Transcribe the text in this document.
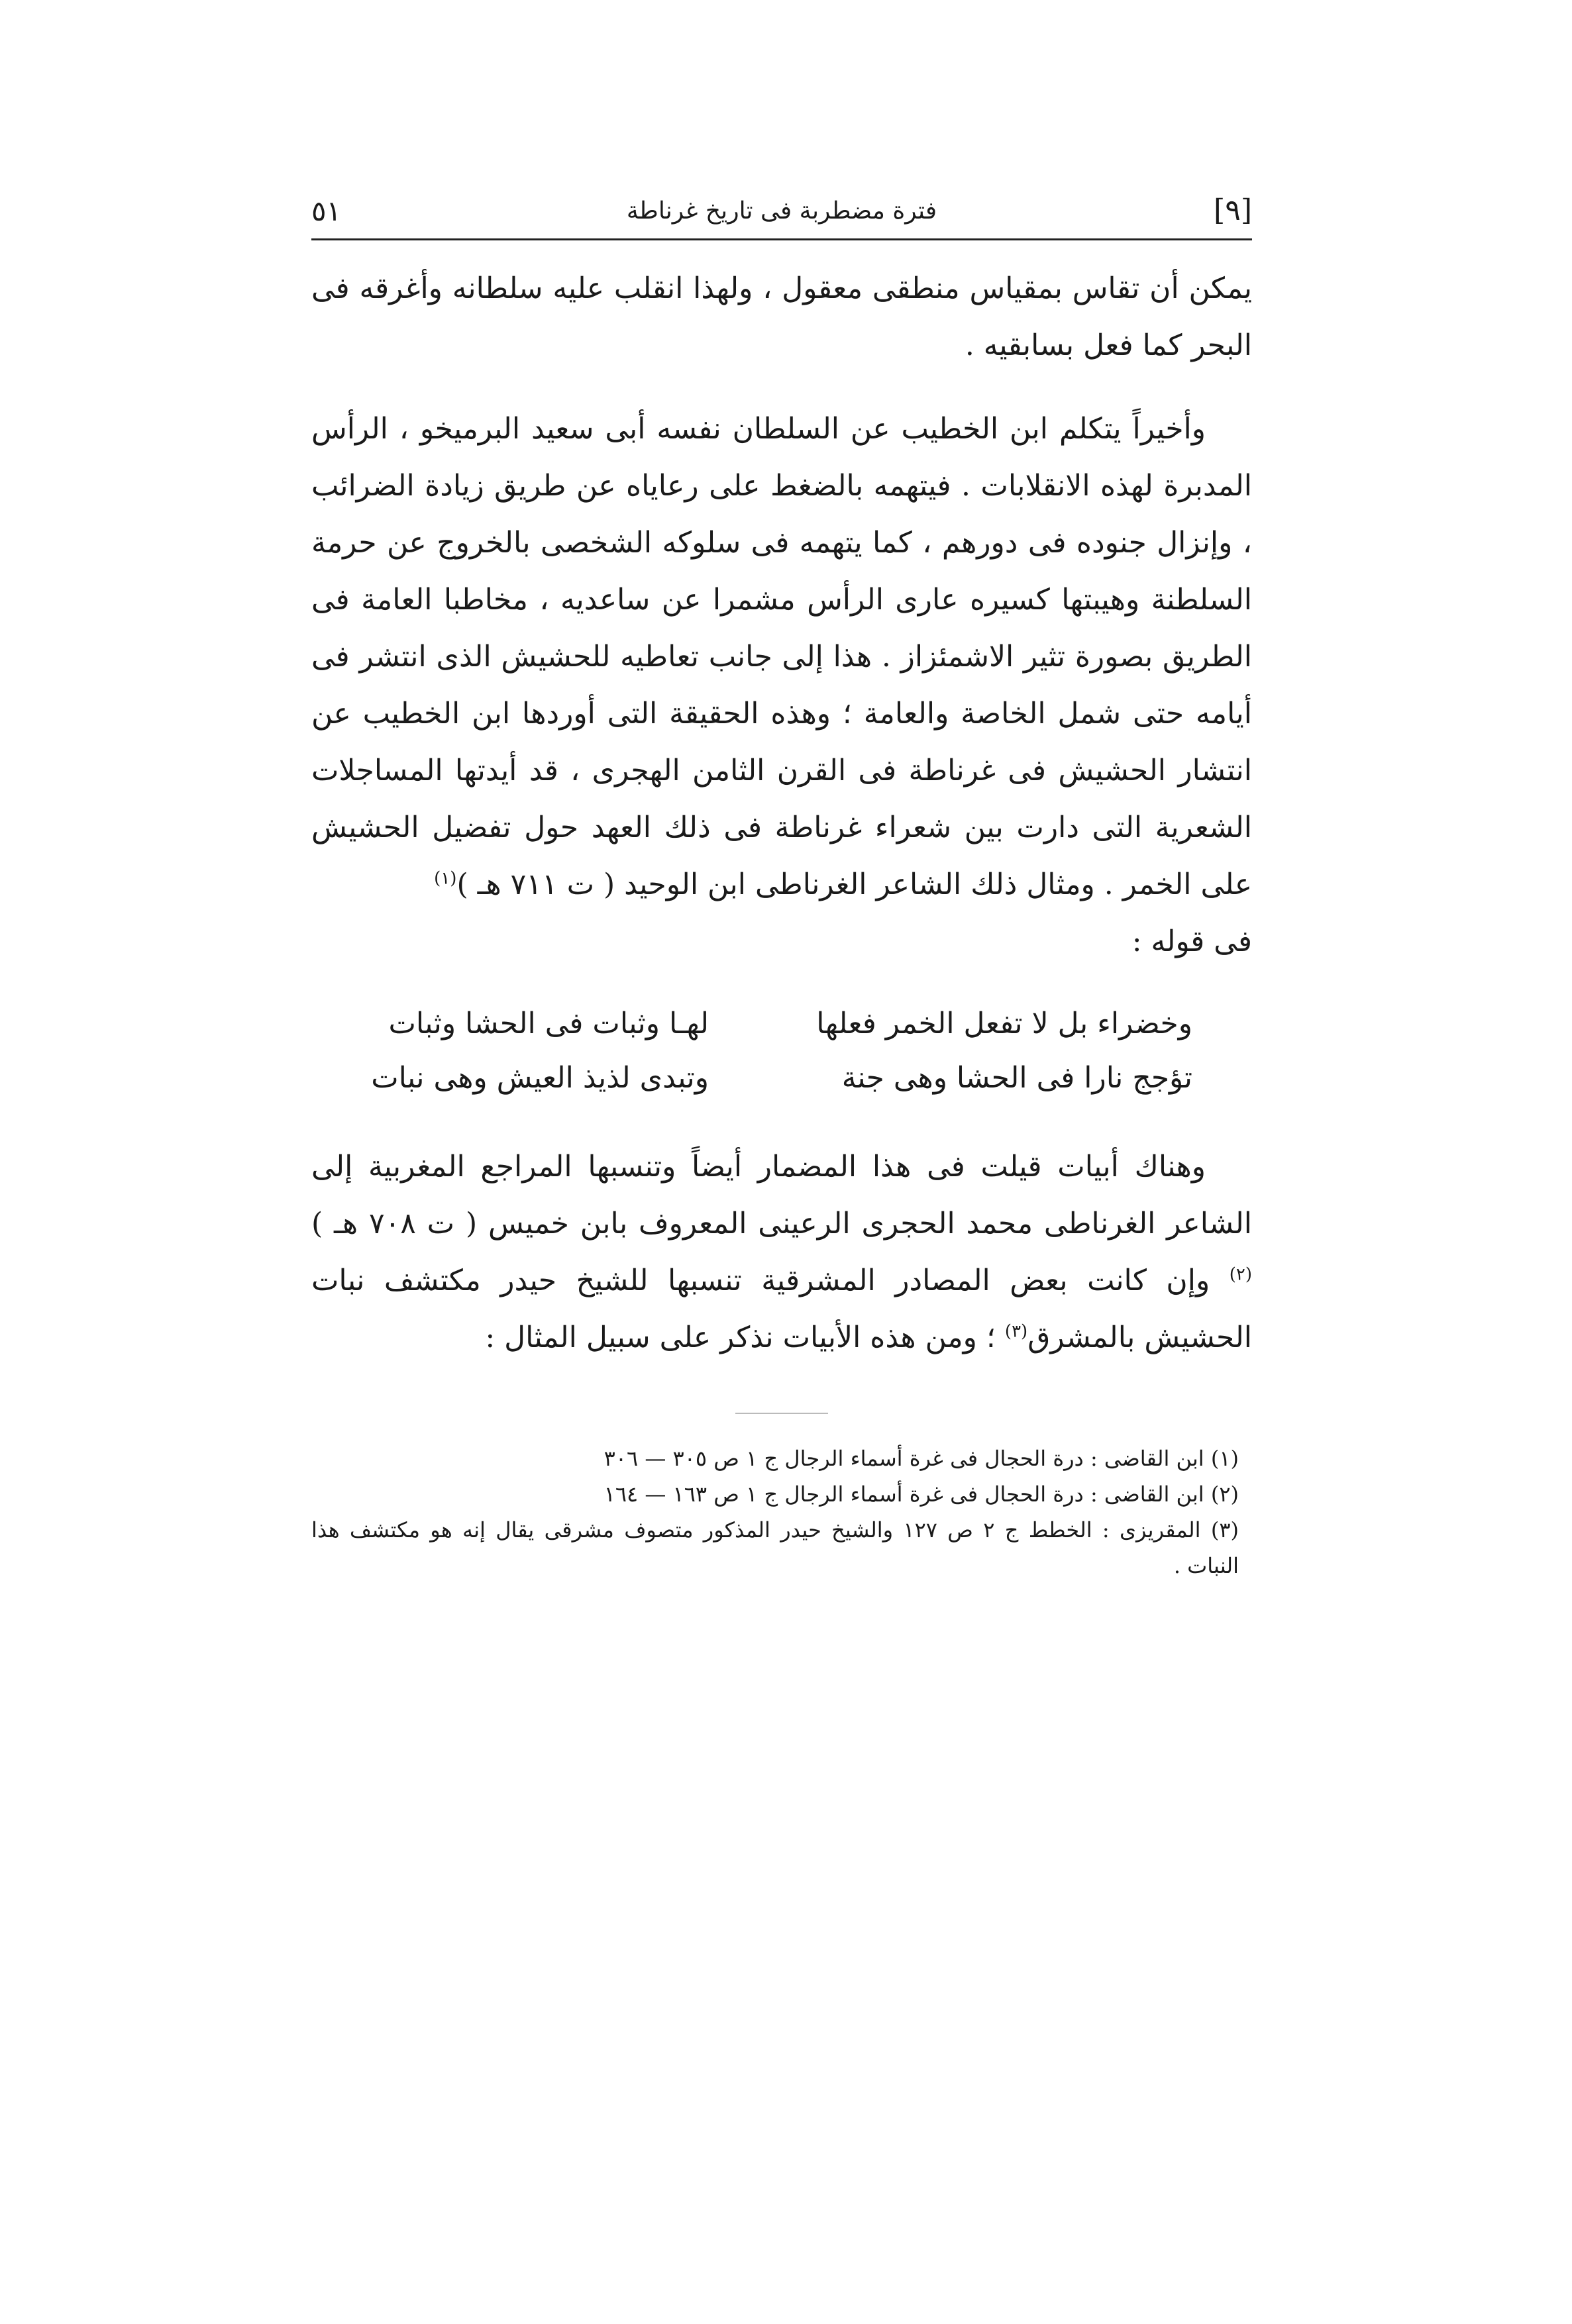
[٩]
فترة مضطربة فى تاريخ غرناطة
٥١

يمكن أن تقاس بمقياس منطقى معقول ، ولهذا انقلب عليه سلطانه وأغرقه فى البحر كما فعل بسابقيه .

وأخيراً يتكلم ابن الخطيب عن السلطان نفسه أبى سعيد البرميخو ، الرأس المدبرة لهذه الانقلابات . فيتهمه بالضغط على رعاياه عن طريق زيادة الضرائب ، وإنزال جنوده فى دورهم ، كما يتهمه فى سلوكه الشخصى بالخروج عن حرمة السلطنة وهيبتها كسيره عارى الرأس مشمرا عن ساعديه ، مخاطبا العامة فى الطريق بصورة تثير الاشمئزاز . هذا إلى جانب تعاطيه للحشيش الذى انتشر فى أيامه حتى شمل الخاصة والعامة ؛ وهذه الحقيقة التى أوردها ابن الخطيب عن انتشار الحشيش فى غرناطة فى القرن الثامن الهجرى ، قد أيدتها المساجلات الشعرية التى دارت بين شعراء غرناطة فى ذلك العهد حول تفضيل الحشيش على الخمر . ومثال ذلك الشاعر الغرناطى ابن الوحيد ( ت ٧١١ هـ )$^{(١)}$
فى قوله :

وخضراء بل لا تفعل الخمر فعلها
لهـا وثبات فى الحشا وثبات
تؤجج نارا فى الحشا وهى جنة
وتبدى لذيذ العيش وهى نبات

وهناك أبيات قيلت فى هذا المضمار أيضاً وتنسبها المراجع المغربية إلى الشاعر الغرناطى محمد الحجرى الرعينى المعروف بابن خميس ( ت ٧٠٨ هـ )$^{(٢)}$ وإن كانت بعض المصادر المشرقية تنسبها للشيخ حيدر مكتشف نبات الحشيش بالمشرق$^{(٣)}$ ؛ ومن هذه الأبيات نذكر على سبيل المثال :

(١) ابن القاضى : درة الحجال فى غرة أسماء الرجال ج ١ ص ٣٠٥ — ٣٠٦

(٢) ابن القاضى : درة الحجال فى غرة أسماء الرجال ج ١ ص ١٦٣ — ١٦٤

(٣) المقريزى : الخطط ج ٢ ص ١٢٧ والشيخ حيدر المذكور متصوف مشرقى يقال إنه هو مكتشف هذا النبات .
